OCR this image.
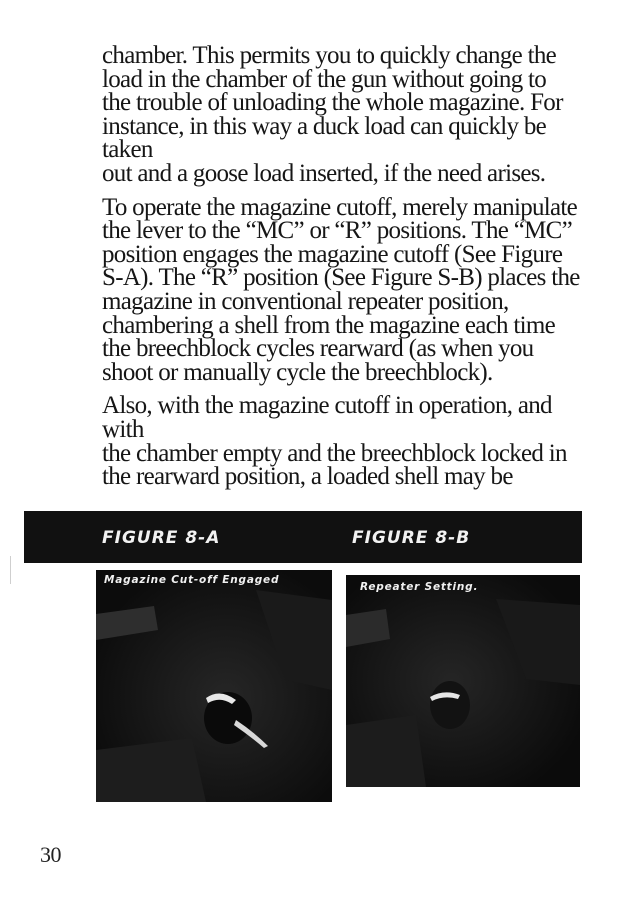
chamber. This permits you to quickly change the
load in the chamber of the gun without going to
the trouble of unloading the whole magazine. For
instance, in this way a duck load can quickly be taken
out and a goose load inserted, if the need arises.

To operate the magazine cutoff, merely manipulate
the lever to the “MC” or “R” positions. The “MC”
position engages the magazine cutoff (See Figure
S-A). The “R” position (See Figure S-B) places the
magazine in conventional repeater position,
chambering a shell from the magazine each time
the breechblock cycles rearward (as when you
shoot or manually cycle the breechblock).

Also, with the magazine cutoff in operation, and with
the chamber empty and the breechblock locked in
the rearward position, a loaded shell may be

FIGURE 8-A	FIGURE 8-B
Magazine Cut-off Engaged
Repeater Setting.
30
